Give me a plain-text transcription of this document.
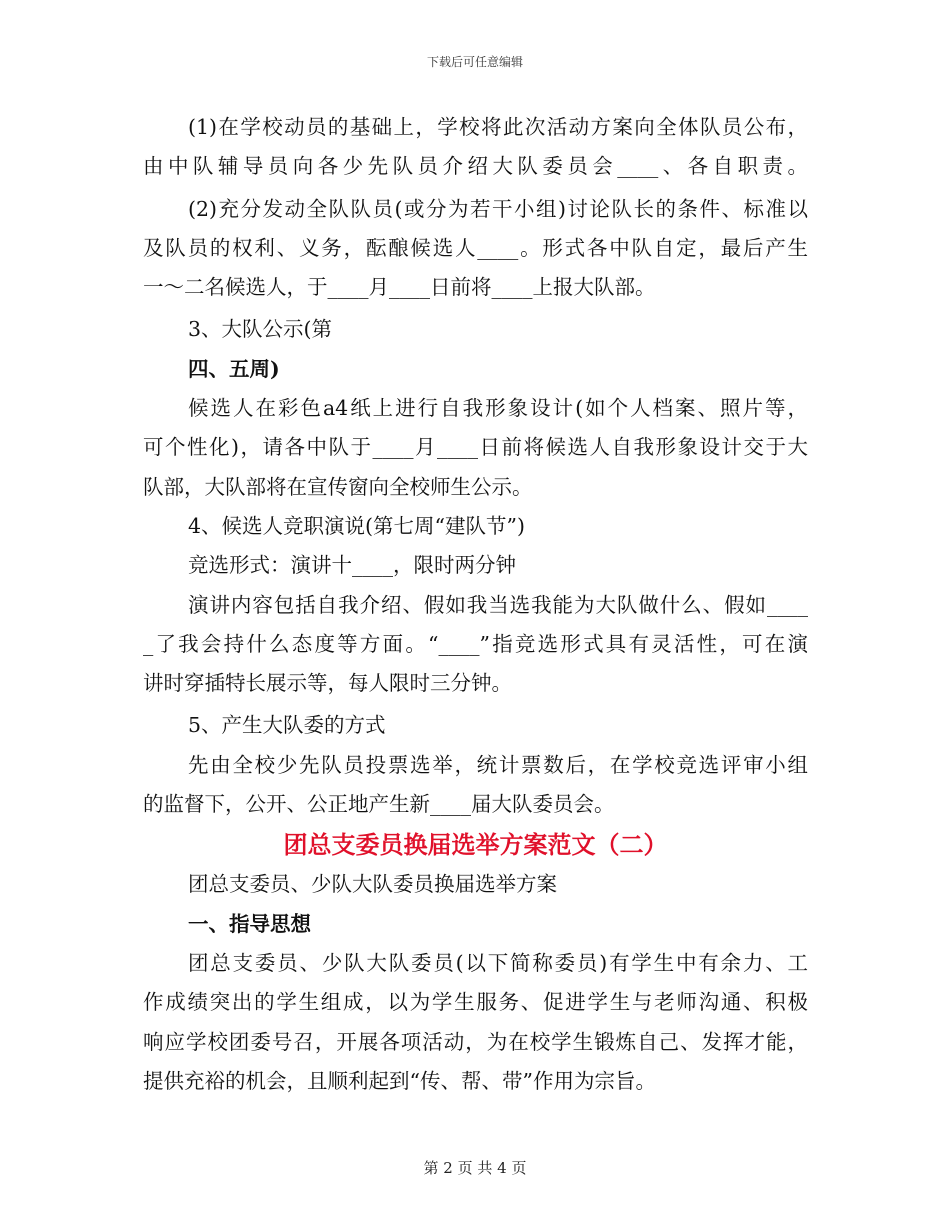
下载后可任意编辑
(1)在学校动员的基础上，学校将此次活动方案向全体队员公布，
由中队辅导员向各少先队员介绍大队委员会____、各自职责。
(2)充分发动全队队员(或分为若干小组)讨论队长的条件、标准以
及队员的权利、义务，酝酿候选人____。形式各中队自定，最后产生
一～二名候选人，于____月____日前将____上报大队部。
3、大队公示(第
四、五周)
候选人在彩色a4纸上进行自我形象设计(如个人档案、照片等，
可个性化)，请各中队于____月____日前将候选人自我形象设计交于大
队部，大队部将在宣传窗向全校师生公示。
4、候选人竞职演说(第七周“建队节”)
竞选形式：演讲十____，限时两分钟
演讲内容包括自我介绍、假如我当选我能为大队做什么、假如____
_了我会持什么态度等方面。“____”指竞选形式具有灵活性，可在演
讲时穿插特长展示等，每人限时三分钟。
5、产生大队委的方式
先由全校少先队员投票选举，统计票数后，在学校竞选评审小组
的监督下，公开、公正地产生新____届大队委员会。
团总支委员换届选举方案范文（二）
团总支委员、少队大队委员换届选举方案
一、指导思想
团总支委员、少队大队委员(以下简称委员)有学生中有余力、工
作成绩突出的学生组成，以为学生服务、促进学生与老师沟通、积极
响应学校团委号召，开展各项活动，为在校学生锻炼自己、发挥才能，
提供充裕的机会，且顺利起到“传、帮、带”作用为宗旨。
第 2 页 共 4 页
